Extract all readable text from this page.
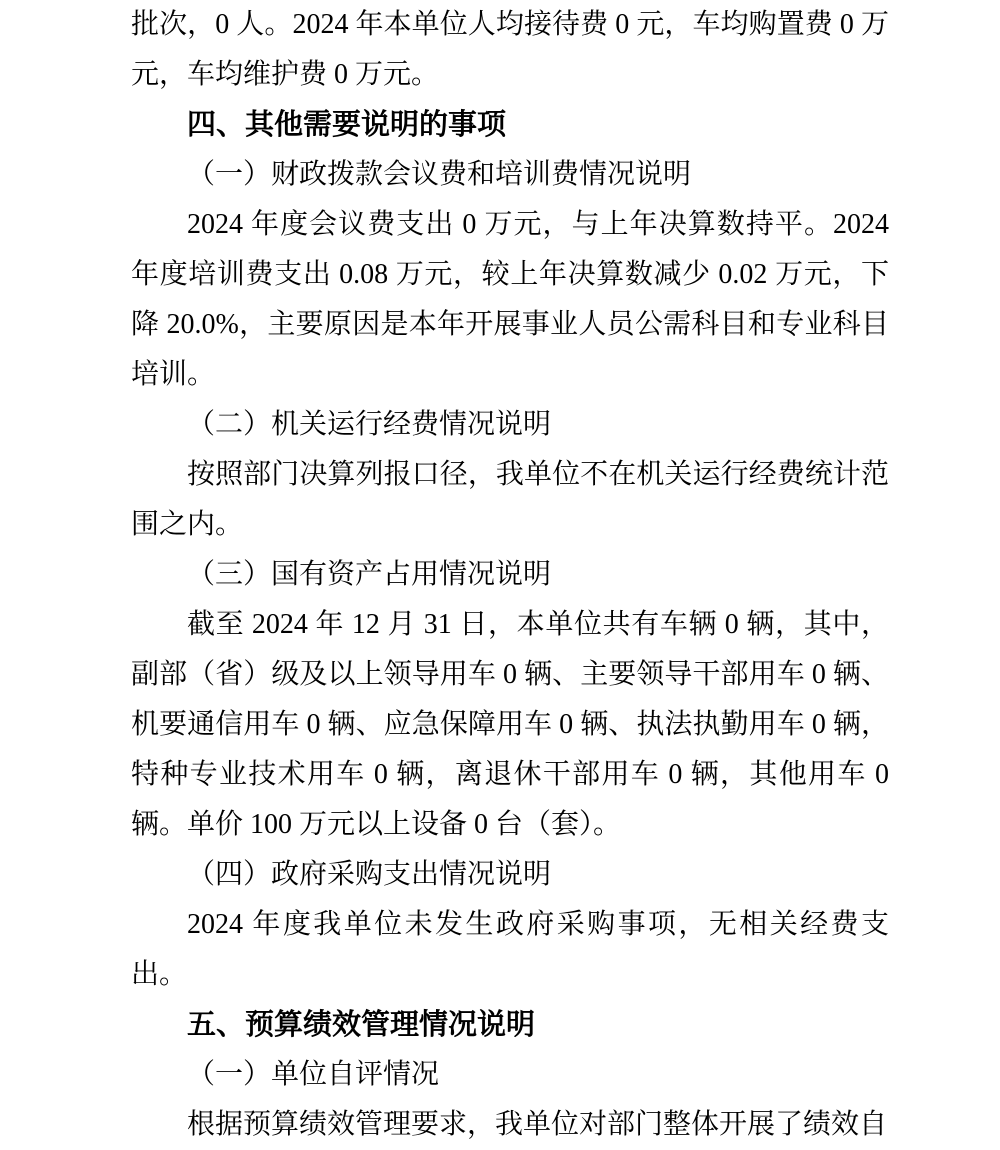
批次，0 人。2024 年本单位人均接待费 0 元，车均购置费 0 万元，车均维护费 0 万元。

四、其他需要说明的事项

（一）财政拨款会议费和培训费情况说明

2024 年度会议费支出 0 万元，与上年决算数持平。2024 年度培训费支出 0.08 万元，较上年决算数减少 0.02 万元，下降 20.0%，主要原因是本年开展事业人员公需科目和专业科目培训。

（二）机关运行经费情况说明

按照部门决算列报口径，我单位不在机关运行经费统计范围之内。

（三）国有资产占用情况说明

截至 2024 年 12 月 31 日，本单位共有车辆 0 辆，其中，副部（省）级及以上领导用车 0 辆、主要领导干部用车 0 辆、机要通信用车 0 辆、应急保障用车 0 辆、执法执勤用车 0 辆，特种专业技术用车 0 辆，离退休干部用车 0 辆，其他用车 0 辆。单价 100 万元以上设备 0 台（套）。

（四）政府采购支出情况说明

2024 年度我单位未发生政府采购事项，无相关经费支出。

五、预算绩效管理情况说明

（一）单位自评情况

根据预算绩效管理要求，我单位对部门整体开展了绩效自
